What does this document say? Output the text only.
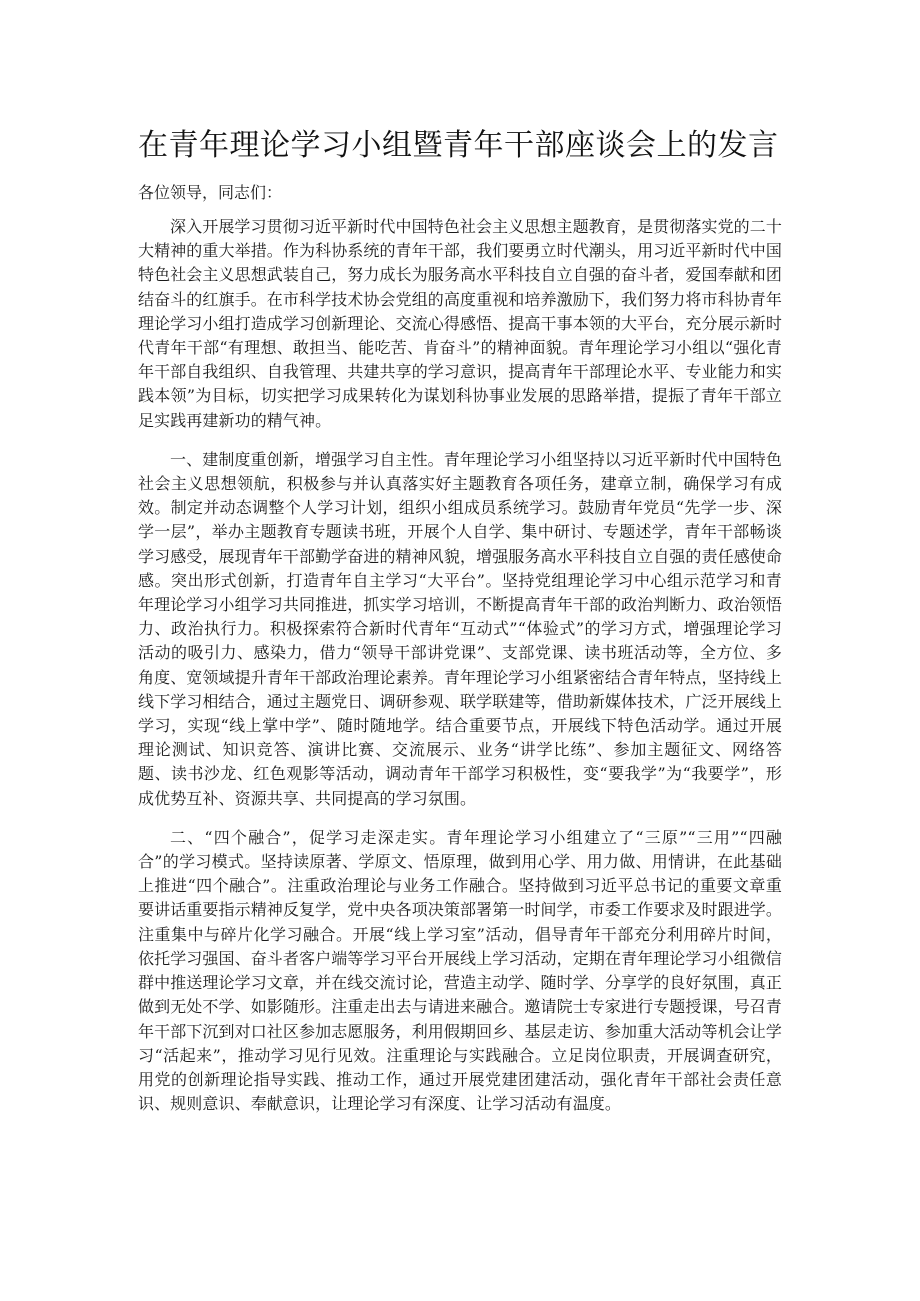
在青年理论学习小组暨青年干部座谈会上的发言

各位领导，同志们：

深入开展学习贯彻习近平新时代中国特色社会主义思想主题教育，是贯彻落实党的二十大精神的重大举措。作为科协系统的青年干部，我们要勇立时代潮头，用习近平新时代中国特色社会主义思想武装自己，努力成长为服务高水平科技自立自强的奋斗者，爱国奉献和团结奋斗的红旗手。在市科学技术协会党组的高度重视和培养激励下，我们努力将市科协青年理论学习小组打造成学习创新理论、交流心得感悟、提高干事本领的大平台，充分展示新时代青年干部“有理想、敢担当、能吃苦、肯奋斗”的精神面貌。青年理论学习小组以“强化青年干部自我组织、自我管理、共建共享的学习意识，提高青年干部理论水平、专业能力和实践本领”为目标，切实把学习成果转化为谋划科协事业发展的思路举措，提振了青年干部立足实践再建新功的精气神。

一、建制度重创新，增强学习自主性。青年理论学习小组坚持以习近平新时代中国特色社会主义思想领航，积极参与并认真落实好主题教育各项任务，建章立制，确保学习有成效。制定并动态调整个人学习计划，组织小组成员系统学习。鼓励青年党员“先学一步、深学一层”，举办主题教育专题读书班，开展个人自学、集中研讨、专题述学，青年干部畅谈学习感受，展现青年干部勤学奋进的精神风貌，增强服务高水平科技自立自强的责任感使命感。突出形式创新，打造青年自主学习“大平台”。坚持党组理论学习中心组示范学习和青年理论学习小组学习共同推进，抓实学习培训，不断提高青年干部的政治判断力、政治领悟力、政治执行力。积极探索符合新时代青年“互动式”“体验式”的学习方式，增强理论学习活动的吸引力、感染力，借力“领导干部讲党课”、支部党课、读书班活动等，全方位、多角度、宽领域提升青年干部政治理论素养。青年理论学习小组紧密结合青年特点，坚持线上线下学习相结合，通过主题党日、调研参观、联学联建等，借助新媒体技术，广泛开展线上学习，实现“线上掌中学”、随时随地学。结合重要节点，开展线下特色活动学。通过开展理论测试、知识竞答、演讲比赛、交流展示、业务“讲学比练”、参加主题征文、网络答题、读书沙龙、红色观影等活动，调动青年干部学习积极性，变“要我学”为“我要学”，形成优势互补、资源共享、共同提高的学习氛围。

二、“四个融合”，促学习走深走实。青年理论学习小组建立了“三原”“三用”“四融合”的学习模式。坚持读原著、学原文、悟原理，做到用心学、用力做、用情讲，在此基础上推进“四个融合”。注重政治理论与业务工作融合。坚持做到习近平总书记的重要文章重要讲话重要指示精神反复学，党中央各项决策部署第一时间学，市委工作要求及时跟进学。注重集中与碎片化学习融合。开展“线上学习室”活动，倡导青年干部充分利用碎片时间，依托学习强国、奋斗者客户端等学习平台开展线上学习活动，定期在青年理论学习小组微信群中推送理论学习文章，并在线交流讨论，营造主动学、随时学、分享学的良好氛围，真正做到无处不学、如影随形。注重走出去与请进来融合。邀请院士专家进行专题授课，号召青年干部下沉到对口社区参加志愿服务，利用假期回乡、基层走访、参加重大活动等机会让学习“活起来”，推动学习见行见效。注重理论与实践融合。立足岗位职责，开展调查研究，用党的创新理论指导实践、推动工作，通过开展党建团建活动，强化青年干部社会责任意识、规则意识、奉献意识，让理论学习有深度、让学习活动有温度。
